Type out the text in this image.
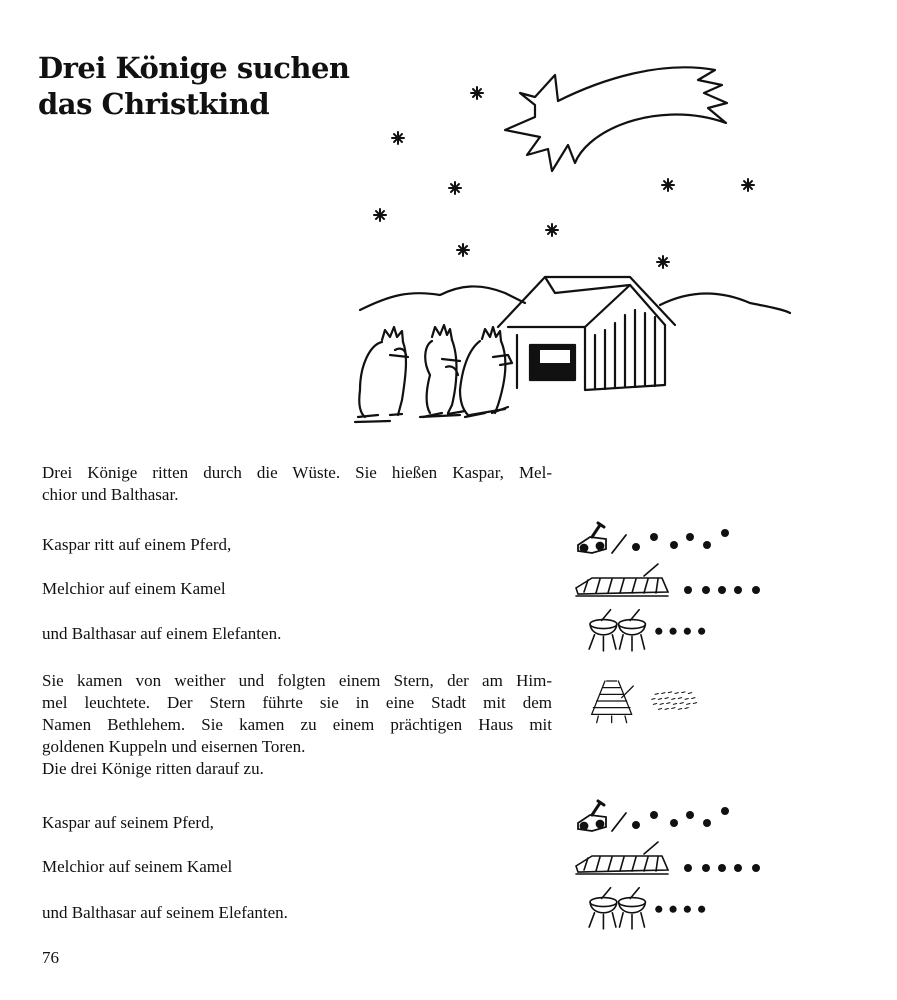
Drei Könige suchen
das Christkind

Drei Könige ritten durch die Wüste. Sie hießen Kaspar, Mel-
chior und Balthasar.

Kaspar ritt auf einem Pferd,

Melchior auf einem Kamel

und Balthasar auf einem Elefanten.

Sie kamen von weither und folgten einem Stern, der am Him-
mel leuchtete. Der Stern führte sie in eine Stadt mit dem
Namen Bethlehem. Sie kamen zu einem prächtigen Haus mit
goldenen Kuppeln und eisernen Toren.
Die drei Könige ritten darauf zu.

Kaspar auf seinem Pferd,

Melchior auf seinem Kamel

und Balthasar auf seinem Elefanten.

76
